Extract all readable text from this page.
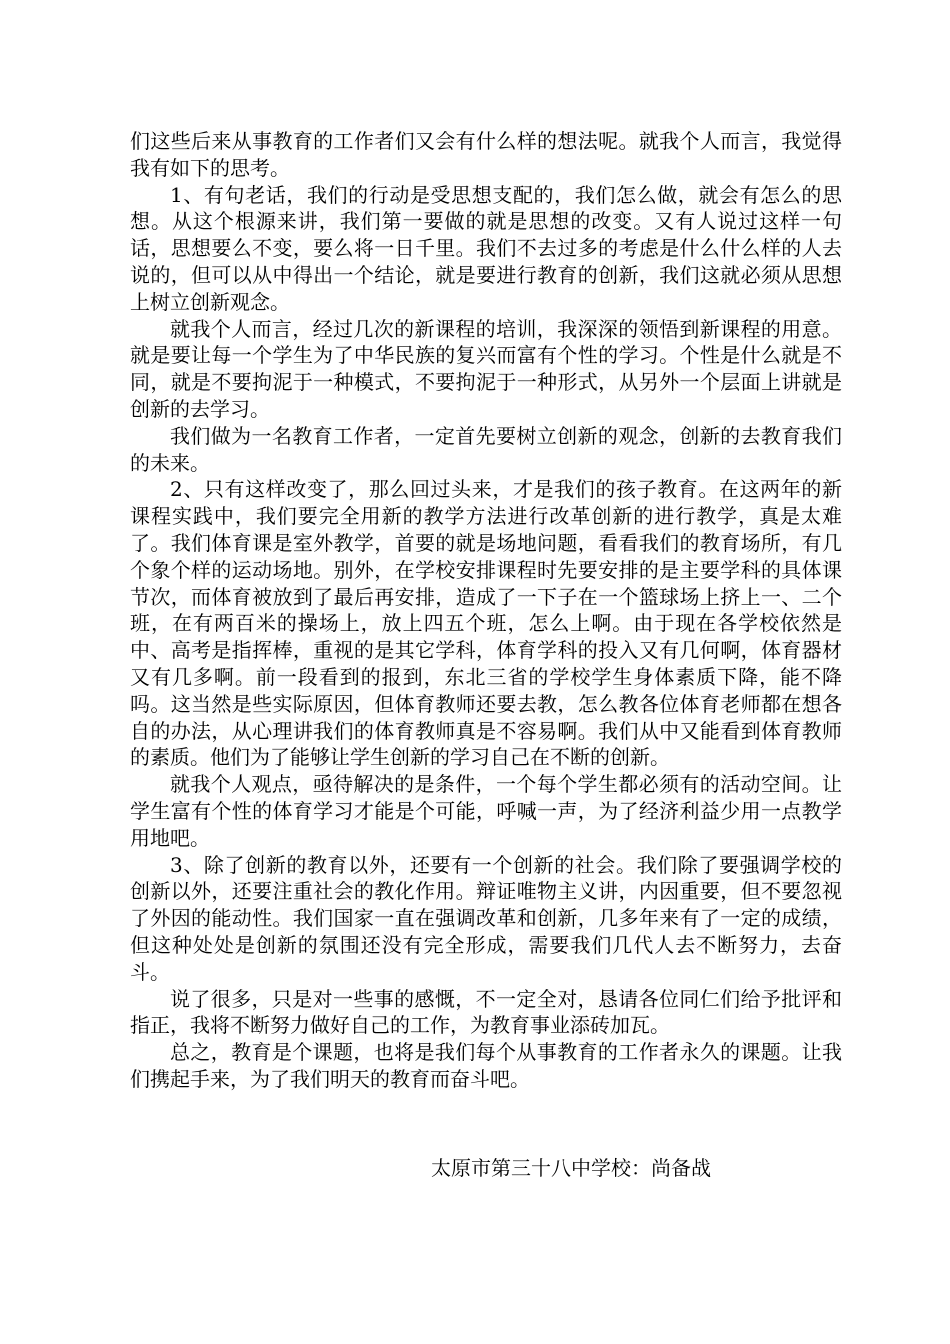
们这些后来从事教育的工作者们又会有什么样的想法呢。就我个人而言，我觉得我有如下的思考。

1、有句老话，我们的行动是受思想支配的，我们怎么做，就会有怎么的思想。从这个根源来讲，我们第一要做的就是思想的改变。又有人说过这样一句话，思想要么不变，要么将一日千里。我们不去过多的考虑是什么什么样的人去说的，但可以从中得出一个结论，就是要进行教育的创新，我们这就必须从思想上树立创新观念。

就我个人而言，经过几次的新课程的培训，我深深的领悟到新课程的用意。就是要让每一个学生为了中华民族的复兴而富有个性的学习。个性是什么就是不同，就是不要拘泥于一种模式，不要拘泥于一种形式，从另外一个层面上讲就是创新的去学习。

我们做为一名教育工作者，一定首先要树立创新的观念，创新的去教育我们的未来。

2、只有这样改变了，那么回过头来，才是我们的孩子教育。在这两年的新课程实践中，我们要完全用新的教学方法进行改革创新的进行教学，真是太难了。我们体育课是室外教学，首要的就是场地问题，看看我们的教育场所，有几个象个样的运动场地。别外，在学校安排课程时先要安排的是主要学科的具体课节次，而体育被放到了最后再安排，造成了一下子在一个篮球场上挤上一、二个班，在有两百米的操场上，放上四五个班，怎么上啊。由于现在各学校依然是中、高考是指挥棒，重视的是其它学科，体育学科的投入又有几何啊，体育器材又有几多啊。前一段看到的报到，东北三省的学校学生身体素质下降，能不降吗。这当然是些实际原因，但体育教师还要去教，怎么教各位体育老师都在想各自的办法，从心理讲我们的体育教师真是不容易啊。我们从中又能看到体育教师的素质。他们为了能够让学生创新的学习自己在不断的创新。

就我个人观点，亟待解决的是条件，一个每个学生都必须有的活动空间。让学生富有个性的体育学习才能是个可能，呼喊一声，为了经济利益少用一点教学用地吧。

3、除了创新的教育以外，还要有一个创新的社会。我们除了要强调学校的创新以外，还要注重社会的教化作用。辩证唯物主义讲，内因重要，但不要忽视了外因的能动性。我们国家一直在强调改革和创新，几多年来有了一定的成绩，但这种处处是创新的氛围还没有完全形成，需要我们几代人去不断努力，去奋斗。

说了很多，只是对一些事的感慨，不一定全对，恳请各位同仁们给予批评和指正，我将不断努力做好自己的工作，为教育事业添砖加瓦。

总之，教育是个课题，也将是我们每个从事教育的工作者永久的课题。让我们携起手来，为了我们明天的教育而奋斗吧。

太原市第三十八中学校：尚备战
